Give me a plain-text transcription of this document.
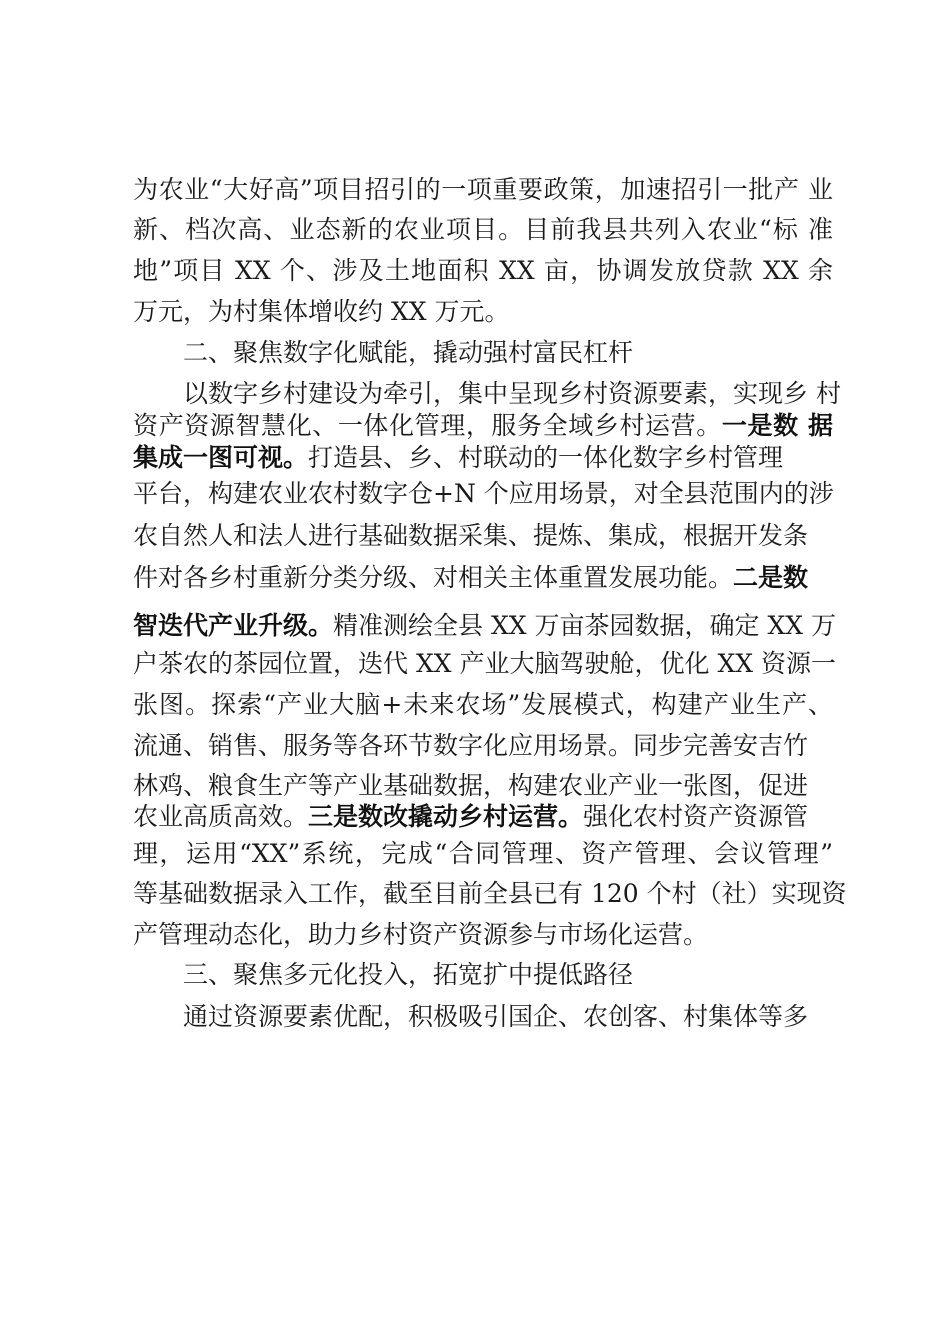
为农业“大好高”项目招引的一项重要政策，加速招引一批产 业
新、档次高、业态新的农业项目。目前我县共列入农业“标 准
地”项目 XX 个、涉及土地面积 XX 亩，协调发放贷款 XX 余
万元，为村集体增收约 XX 万元。
二、聚焦数字化赋能，撬动强村富民杠杆
以数字乡村建设为牵引，集中呈现乡村资源要素，实现乡 村
资产资源智慧化、一体化管理，服务全域乡村运营。一是数 据
集成一图可视。打造县、乡、村联动的一体化数字乡村管理
平台，构建农业农村数字仓+N 个应用场景，对全县范围内的涉
农自然人和法人进行基础数据采集、提炼、集成，根据开发条
件对各乡村重新分类分级、对相关主体重置发展功能。二是数
智迭代产业升级。精准测绘全县 XX 万亩茶园数据，确定 XX 万
户茶农的茶园位置，迭代 XX 产业大脑驾驶舱，优化 XX 资源一
张图。探索“产业大脑+未来农场”发展模式，构建产业生产、
流通、销售、服务等各环节数字化应用场景。同步完善安吉竹
林鸡、粮食生产等产业基础数据，构建农业产业一张图，促进
农业高质高效。三是数改撬动乡村运营。强化农村资产资源管
理，运用“XX”系统，完成“合同管理、资产管理、会议管理”
等基础数据录入工作，截至目前全县已有 120 个村（社）实现资
产管理动态化，助力乡村资产资源参与市场化运营。
三、聚焦多元化投入，拓宽扩中提低路径
通过资源要素优配，积极吸引国企、农创客、村集体等多
